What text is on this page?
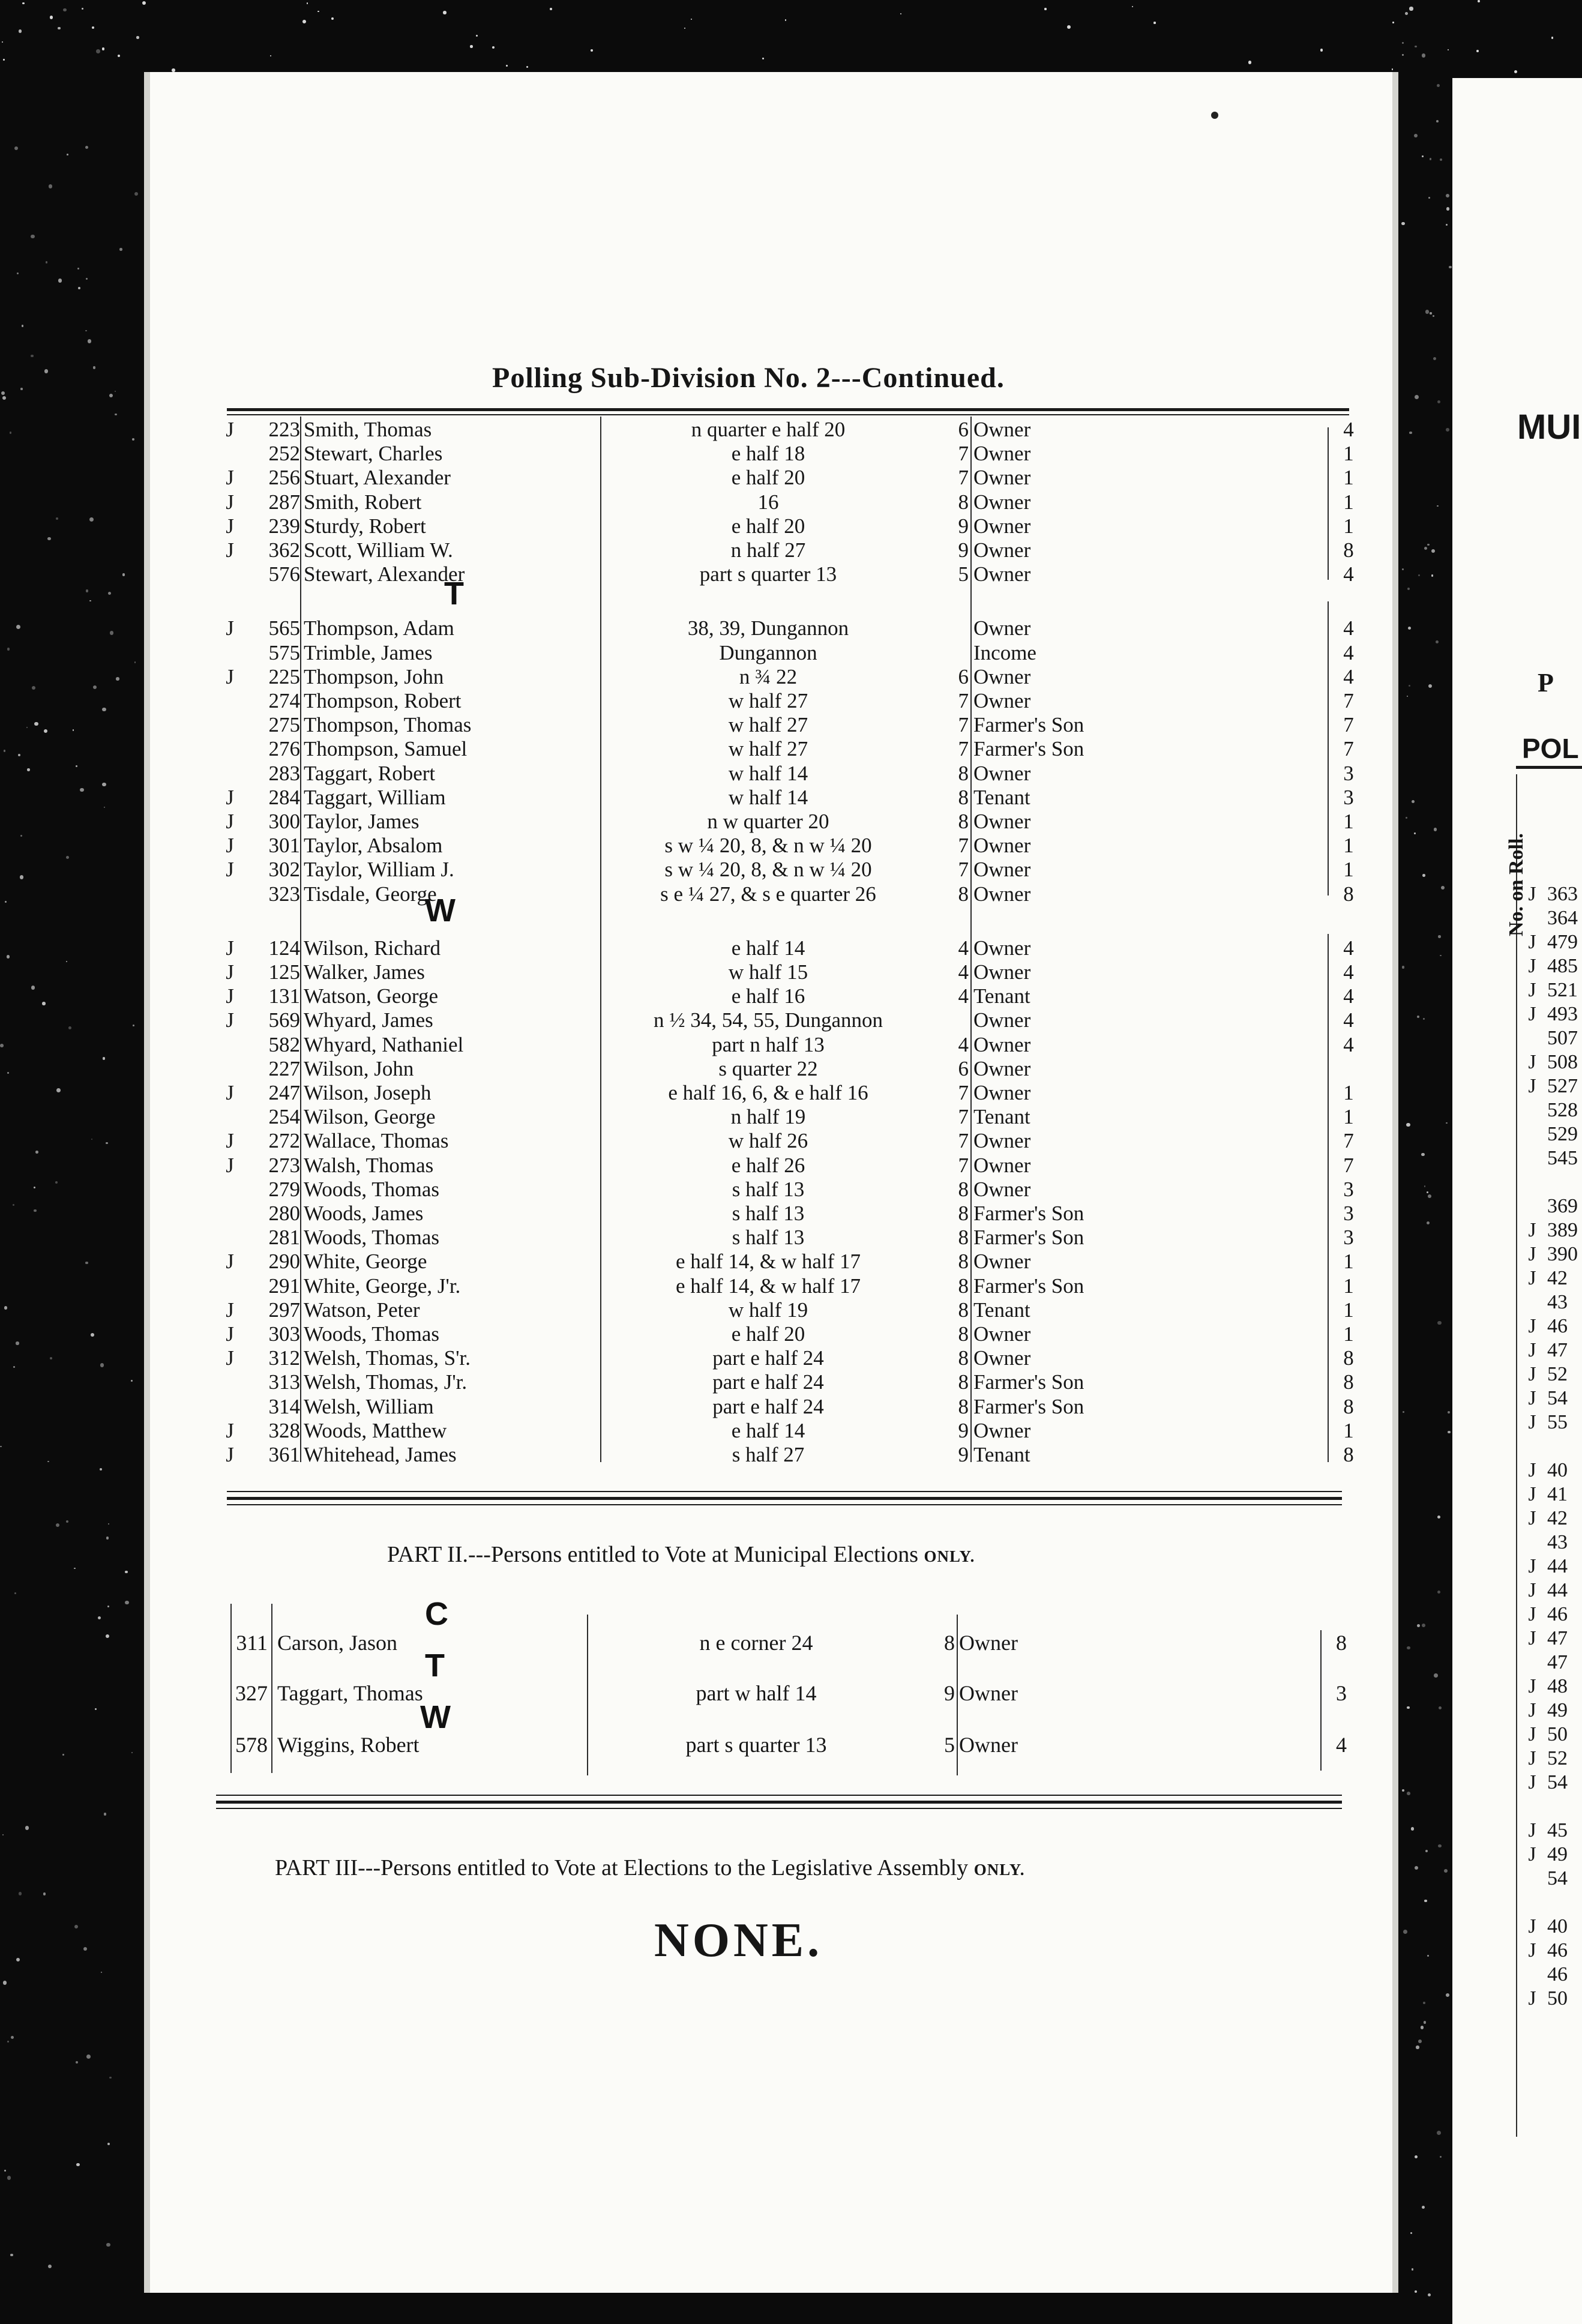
Polling Sub-Division No. 2---Continued.
J	223 Smith, Thomas	n quarter e half 20	6 Owner	4
252 Stewart, Charles	e half 18	7 Owner	1
J	256 Stuart, Alexander	e half 20	7 Owner	1
J	287 Smith, Robert	16	8 Owner	1
J	239 Sturdy, Robert	e half 20	9 Owner	1
J	362 Scott, William W.	n half 27	9 Owner	8
576 Stewart, Alexander	part s quarter 13	5 Owner	4
J	565 Thompson, Adam	38, 39, Dungannon	Owner	4
575 Trimble, James	Dungannon	Income	4
J	225 Thompson, John	n ¾ 22	6 Owner	4
274 Thompson, Robert	w half 27	7 Owner	7
275 Thompson, Thomas	w half 27	7 Farmer's Son	7
276 Thompson, Samuel	w half 27	7 Farmer's Son	7
283 Taggart, Robert	w half 14	8 Owner	3
J	284 Taggart, William	w half 14	8 Tenant	3
J	300 Taylor, James	n w quarter 20	8 Owner	1
J	301 Taylor, Absalom	s w ¼ 20, 8, & n w ¼ 20	7 Owner	1
J	302 Taylor, William J.	s w ¼ 20, 8, & n w ¼ 20	7 Owner	1
323 Tisdale, George	s e ¼ 27, & s e quarter 26	8 Owner	8
J	124 Wilson, Richard	e half 14	4 Owner	4
J	125 Walker, James	w half 15	4 Owner	4
J	131 Watson, George	e half 16	4 Tenant	4
J	569 Whyard, James	n ½ 34, 54, 55, Dungannon	Owner	4
582 Whyard, Nathaniel	part n half 13	4 Owner	4
227 Wilson, John	s quarter 22	6 Owner
J	247 Wilson, Joseph	e half 16, 6, & e half 16	7 Owner	1
254 Wilson, George	n half 19	7 Tenant	1
J	272 Wallace, Thomas	w half 26	7 Owner	7
J	273 Walsh, Thomas	e half 26	7 Owner	7
279 Woods, Thomas	s half 13	8 Owner	3
280 Woods, James	s half 13	8 Farmer's Son	3
281 Woods, Thomas	s half 13	8 Farmer's Son	3
J	290 White, George	e half 14, & w half 17	8 Owner	1
291 White, George, J'r.	e half 14, & w half 17	8 Farmer's Son	1
J	297 Watson, Peter	w half 19	8 Tenant	1
J	303 Woods, Thomas	e half 20	8 Owner	1
J	312 Welsh, Thomas, S'r.	part e half 24	8 Owner	8
313 Welsh, Thomas, J'r.	part e half 24	8 Farmer's Son	8
314 Welsh, William	part e half 24	8 Farmer's Son	8
J	328 Woods, Matthew	e half 14	9 Owner	1
J	361 Whitehead, James	s half 27	9 Tenant	8
T
W
PART II.---Persons entitled to Vote at Municipal Elections ONLY.
311 Carson, Jason	n e corner 24	8 Owner	8
327 Taggart, Thomas	part w half 14	9 Owner	3
578 Wiggins, Robert	part s quarter 13	5 Owner	4
C
T
W
PART III---Persons entitled to Vote at Elections to the Legislative Assembly ONLY.
NONE.
MUI
P
POL
No. on Roll. J 363
364
J 479
J 485
J 521
J 493
507
J 508
J 527
528
529
545
369
J 389
J 390
J 42
43
J 46
J 47
J 52
J 54
J 55
J 40
J 41
J 42
43
J 44
J 44
J 46
J 47
47
J 48
J 49
J 50
J 52
J 54
J 45
J 49
54
J 40
J 46
46
J 50
